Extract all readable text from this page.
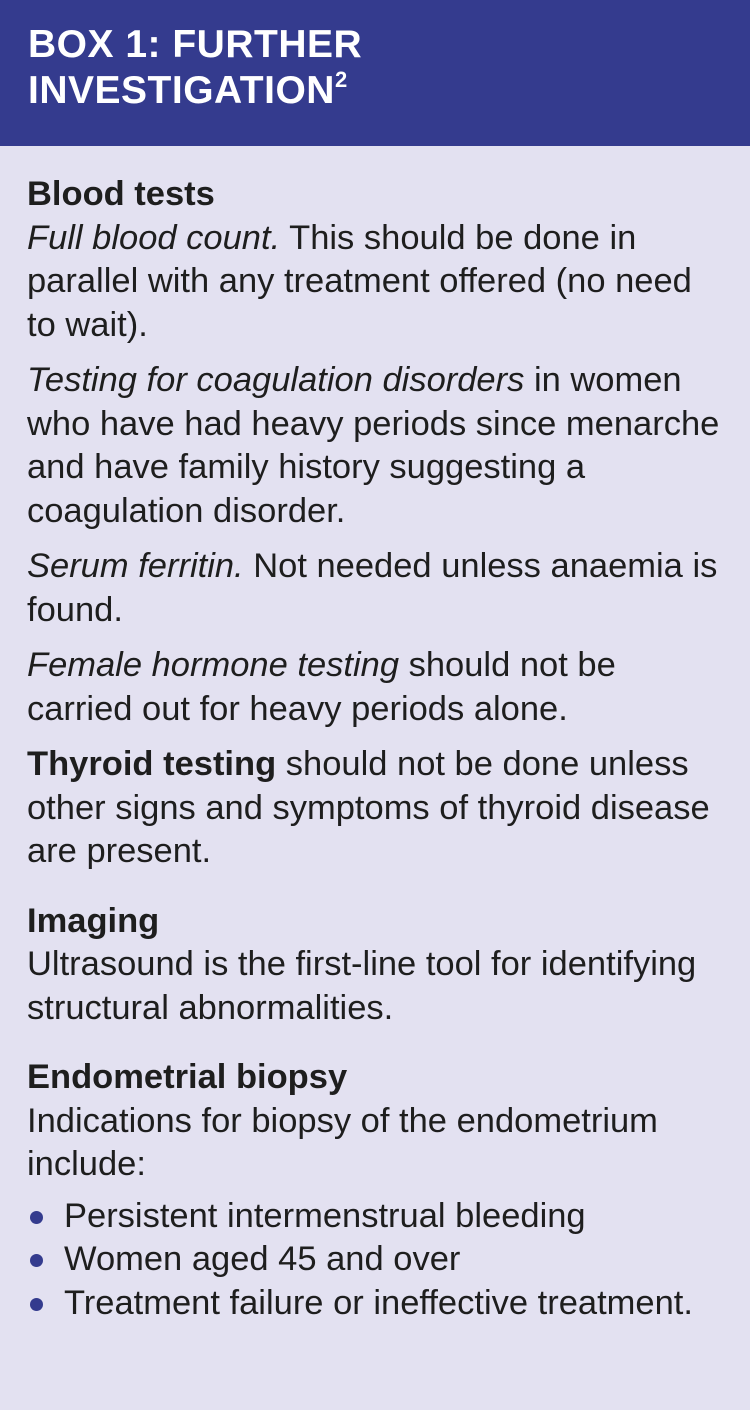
BOX 1: FURTHER INVESTIGATION$^2$

Blood tests

Full blood count. This should be done in parallel with any treatment offered (no need to wait).

Testing for coagulation disorders in women who have had heavy periods since menarche and have family history suggesting a coagulation disorder.

Serum ferritin. Not needed unless anaemia is found.

Female hormone testing should not be carried out for heavy periods alone.

Thyroid testing should not be done unless other signs and symptoms of thyroid disease are present.

Imaging

Ultrasound is the first-line tool for identifying structural abnormalities.

Endometrial biopsy

Indications for biopsy of the endometrium include:

Persistent intermenstrual bleeding
Women aged 45 and over
Treatment failure or ineffective treatment.
